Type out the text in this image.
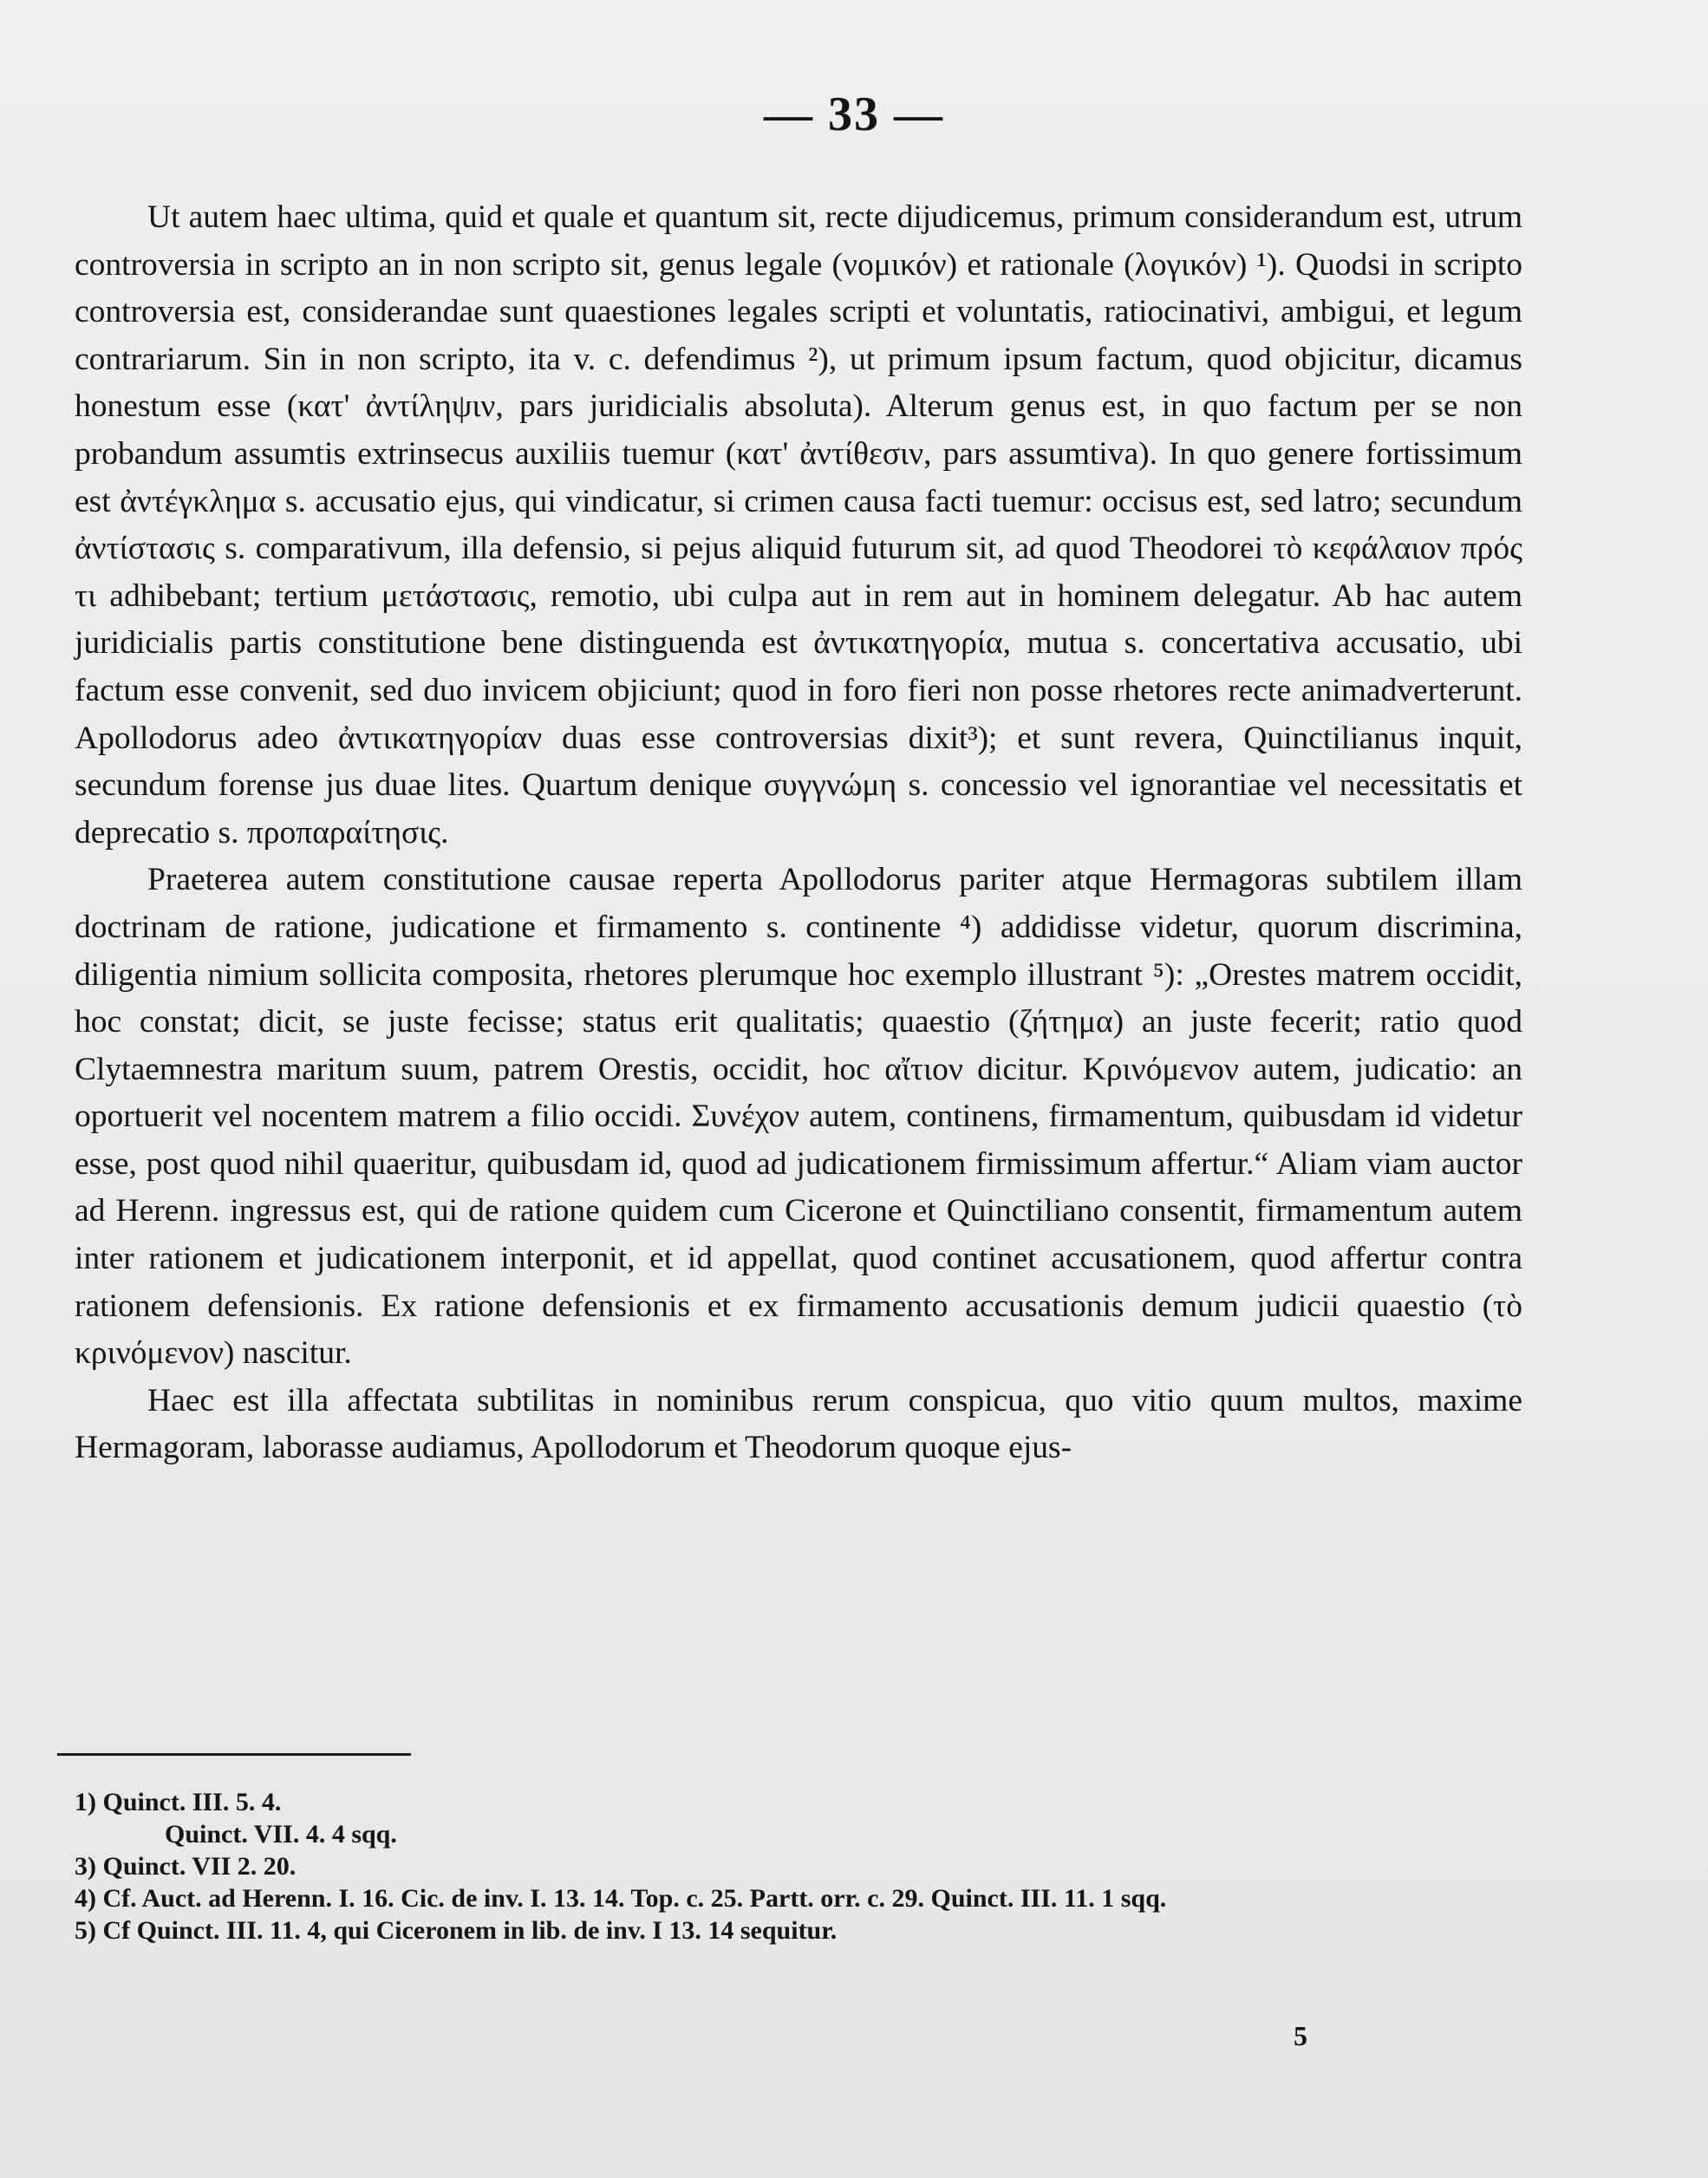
— 33 —

Ut autem haec ultima, quid et quale et quantum sit, recte dijudicemus, primum considerandum est, utrum controversia in scripto an in non scripto sit, genus legale (νομικόν) et rationale (λογικόν) ¹). Quodsi in scripto controversia est, considerandae sunt quaestiones legales scripti et voluntatis, ratiocinativi, ambigui, et legum contrariarum. Sin in non scripto, ita v. c. defendimus ²), ut primum ipsum factum, quod objicitur, dicamus honestum esse (κατ' ἀντίληψιν, pars juridicialis absoluta). Alterum genus est, in quo factum per se non probandum assumtis extrinsecus auxiliis tuemur (κατ' ἀντίθεσιν, pars assumtiva). In quo genere fortissimum est ἀντέγκλημα s. accusatio ejus, qui vindicatur, si crimen causa facti tuemur: occisus est, sed latro; secundum ἀντίστασις s. comparativum, illa defensio, si pejus aliquid futurum sit, ad quod Theodorei τὸ κεφάλαιον πρός τι adhibebant; tertium μετάστασις, remotio, ubi culpa aut in rem aut in hominem delegatur. Ab hac autem juridicialis partis constitutione bene distinguenda est ἀντικατηγορία, mutua s. concertativa accusatio, ubi factum esse convenit, sed duo invicem objiciunt; quod in foro fieri non posse rhetores recte animadverterunt. Apollodorus adeo ἀντικατηγορίαν duas esse controversias dixit³); et sunt revera, Quinctilianus inquit, secundum forense jus duae lites. Quartum denique συγγνώμη s. concessio vel ignorantiae vel necessitatis et deprecatio s. προπαραίτησις.

Praeterea autem constitutione causae reperta Apollodorus pariter atque Hermagoras subtilem illam doctrinam de ratione, judicatione et firmamento s. continente ⁴) addidisse videtur, quorum discrimina, diligentia nimium sollicita composita, rhetores plerumque hoc exemplo illustrant ⁵): „Orestes matrem occidit, hoc constat; dicit, se juste fecisse; status erit qualitatis; quaestio (ζήτημα) an juste fecerit; ratio quod Clytaemnestra maritum suum, patrem Orestis, occidit, hoc αἴτιον dicitur. Κρινόμενον autem, judicatio: an oportuerit vel nocentem matrem a filio occidi. Συνέχον autem, continens, firmamentum, quibusdam id videtur esse, post quod nihil quaeritur, quibusdam id, quod ad judicationem firmissimum affertur.“ Aliam viam auctor ad Herenn. ingressus est, qui de ratione quidem cum Cicerone et Quinctiliano consentit, firmamentum autem inter rationem et judicationem interponit, et id appellat, quod continet accusationem, quod affertur contra rationem defensionis. Ex ratione defensionis et ex firmamento accusationis demum judicii quaestio (τὸ κρινόμενον) nascitur.

Haec est illa affectata subtilitas in nominibus rerum conspicua, quo vitio quum multos, maxime Hermagoram, laborasse audiamus, Apollodorum et Theodorum quoque ejus-

1) Quinct. III. 5. 4.

Quinct. VII. 4. 4 sqq.

3) Quinct. VII 2. 20.

4) Cf. Auct. ad Herenn. I. 16. Cic. de inv. I. 13. 14. Top. c. 25. Partt. orr. c. 29. Quinct. III. 11. 1 sqq.

5) Cf Quinct. III. 11. 4, qui Ciceronem in lib. de inv. I 13. 14 sequitur.

5
